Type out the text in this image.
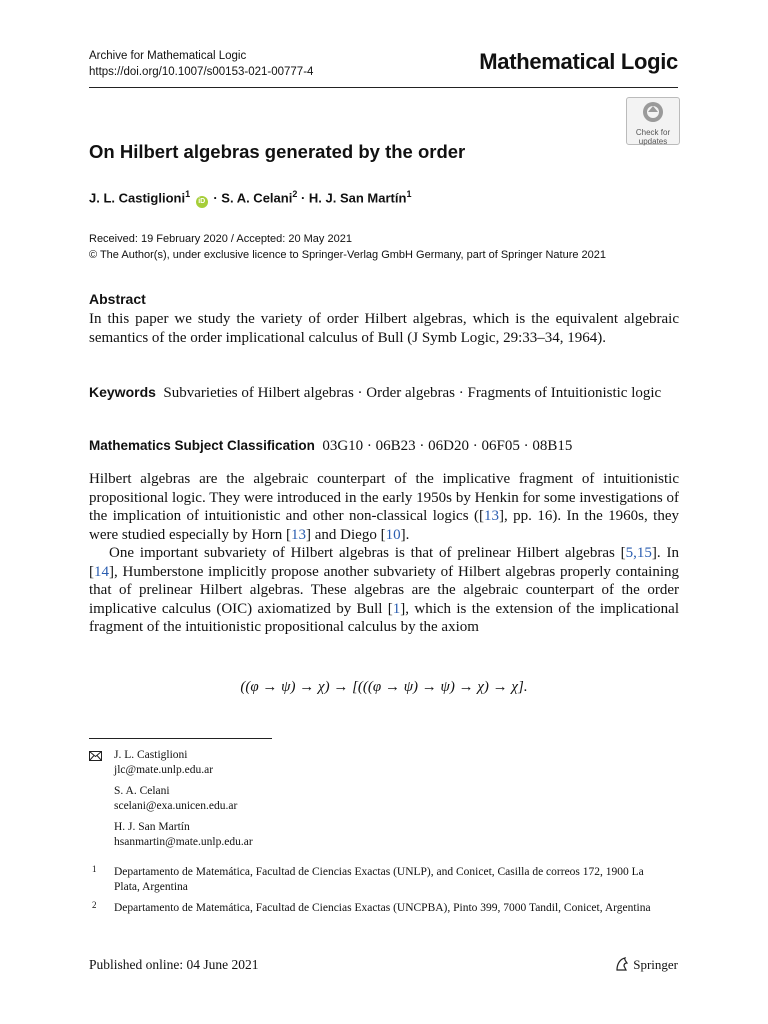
Archive for Mathematical Logic
https://doi.org/10.1007/s00153-021-00777-4	Mathematical Logic
Check for
updates
On Hilbert algebras generated by the order
J. L. Castiglioni$^1$ iD · S. A. Celani$^2$ · H. J. San Martín$^1$
Received: 19 February 2020 / Accepted: 20 May 2021
© The Author(s), under exclusive licence to Springer-Verlag GmbH Germany, part of Springer Nature 2021
Abstract
In this paper we study the variety of order Hilbert algebras, which is the equivalent algebraic semantics of the order implicational calculus of Bull (J Symb Logic, 29:33–34, 1964).
Keywords Subvarieties of Hilbert algebras · Order algebras · Fragments of Intuitionistic logic
Mathematics Subject Classification 03G10 · 06B23 · 06D20 · 06F05 · 08B15
Hilbert algebras are the algebraic counterpart of the implicative fragment of intuitionistic propositional logic. They were introduced in the early 1950s by Henkin for some investigations of the implication of intuitionistic and other non-classical logics ([13], pp. 16). In the 1960s, they were studied especially by Horn [13] and Diego [10].
One important subvariety of Hilbert algebras is that of prelinear Hilbert algebras [5,15]. In [14], Humberstone implicitly propose another subvariety of Hilbert algebras properly containing that of prelinear Hilbert algebras. These algebras are the algebraic counterpart of the order implicative calculus (OIC) axiomatized by Bull [1], which is the extension of the implicational fragment of the intuitionistic propositional calculus by the axiom
((φ → ψ) → χ) → [(((φ → ψ) → ψ) → χ) → χ].
J. L. Castiglioni
jlc@mate.unlp.edu.ar
S. A. Celani
scelani@exa.unicen.edu.ar
H. J. San Martín
hsanmartin@mate.unlp.edu.ar
1 Departamento de Matemática, Facultad de Ciencias Exactas (UNLP), and Conicet, Casilla de correos 172, 1900 La Plata, Argentina
2 Departamento de Matemática, Facultad de Ciencias Exactas (UNCPBA), Pinto 399, 7000 Tandil, Conicet, Argentina
Published online: 04 June 2021	Springer
